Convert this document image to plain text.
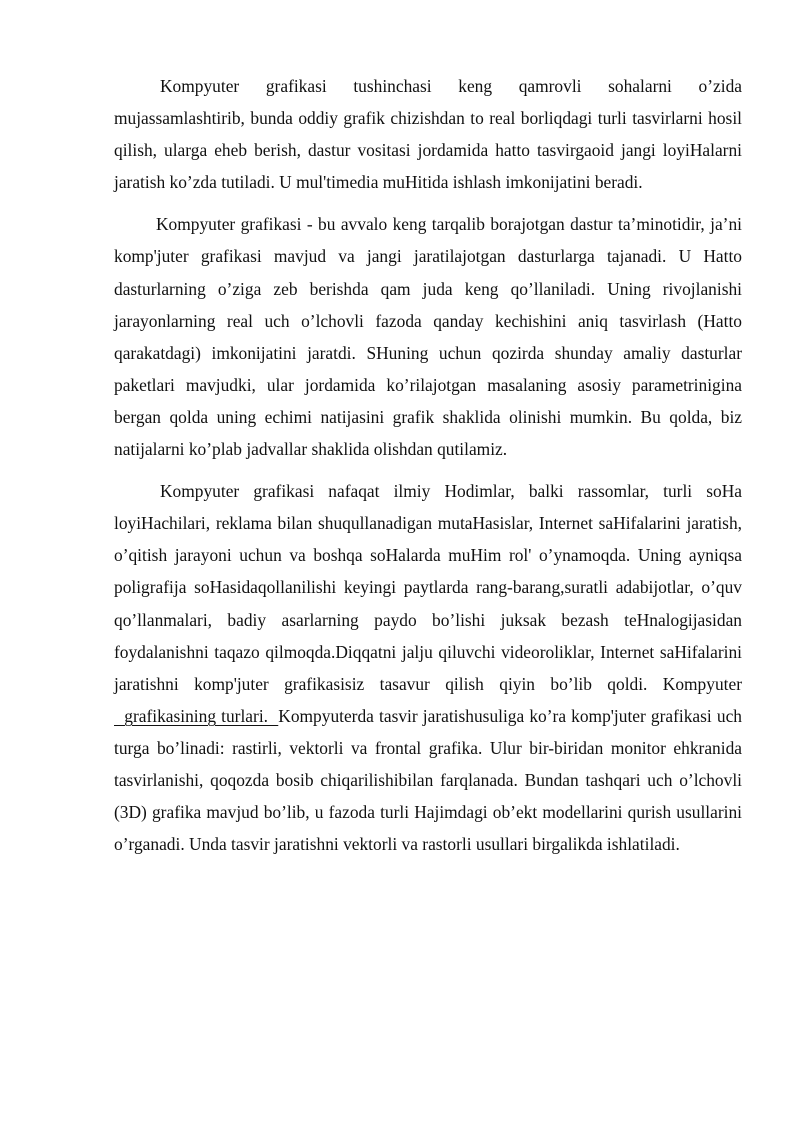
Kompyuter grafikasi tushinchasi keng qamrovli sohalarni o’zida mujassamlashtirib, bunda oddiy grafik chizishdan to real borliqdagi turli tasvirlarni hosil qilish, ularga eheb berish, dastur vositasi jordamida hatto tasvirgaoid jangi loyiHalarni jaratish ko’zda tutiladi. U mul'timedia muHitida ishlash imkonijatini beradi.

Kompyuter grafikasi - bu avvalo keng tarqalib borajotgan dastur ta’minotidir, ja’ni komp'juter grafikasi mavjud va jangi jaratilajotgan dasturlarga tajanadi. U Hatto dasturlarning o’ziga zeb berishda qam juda keng qo’llaniladi. Uning rivojlanishi jarayonlarning real uch o’lchovli fazoda qanday kechishini aniq tasvirlash (Hatto qarakatdagi) imkonijatini jaratdi. SHuning uchun qozirda shunday amaliy dasturlar paketlari mavjudki, ular jordamida ko’rilajotgan masalaning asosiy parametrinigina bergan qolda uning echimi natijasini grafik shaklida olinishi mumkin. Bu qolda, biz natijalarni ko’plab jadvallar shaklida olishdan qutilamiz.

Kompyuter grafikasi nafaqat ilmiy Hodimlar, balki rassomlar, turli soHa loyiHachilari, reklama bilan shuqullanadigan mutaHasislar, Internet saHifalarini jaratish, o’qitish jarayoni uchun va boshqa soHalarda muHim rol' o’ynamoqda. Uning ayniqsa poligrafija soHasidaqollanilishi keyingi paytlarda rang-barang,suratli adabijotlar, o’quv qo’llanmalari, badiy asarlarning paydo bo’lishi juksak bezash teHnalogijasidan foydalanishni taqazo qilmoqda.Diqqatni jalju qiluvchi videoroliklar, Internet saHifalarini jaratishni komp'juter grafikasisiz tasavur qilish qiyin bo’lib qoldi. Kompyuter  grafikasining turlari.  Kompyuterda tasvir jaratishusuliga ko’ra komp'juter grafikasi uch turga bo’linadi: rastirli, vektorli va frontal grafika. Ulur bir-biridan monitor ehkranida tasvirlanishi, qoqozda bosib chiqarilishibilan farqlanada. Bundan tashqari uch o’lchovli (3D) grafika mavjud bo’lib, u fazoda turli Hajimdagi ob’ekt modellarini qurish usullarini o’rganadi. Unda tasvir jaratishni vektorli va rastorli usullari birgalikda ishlatiladi.
